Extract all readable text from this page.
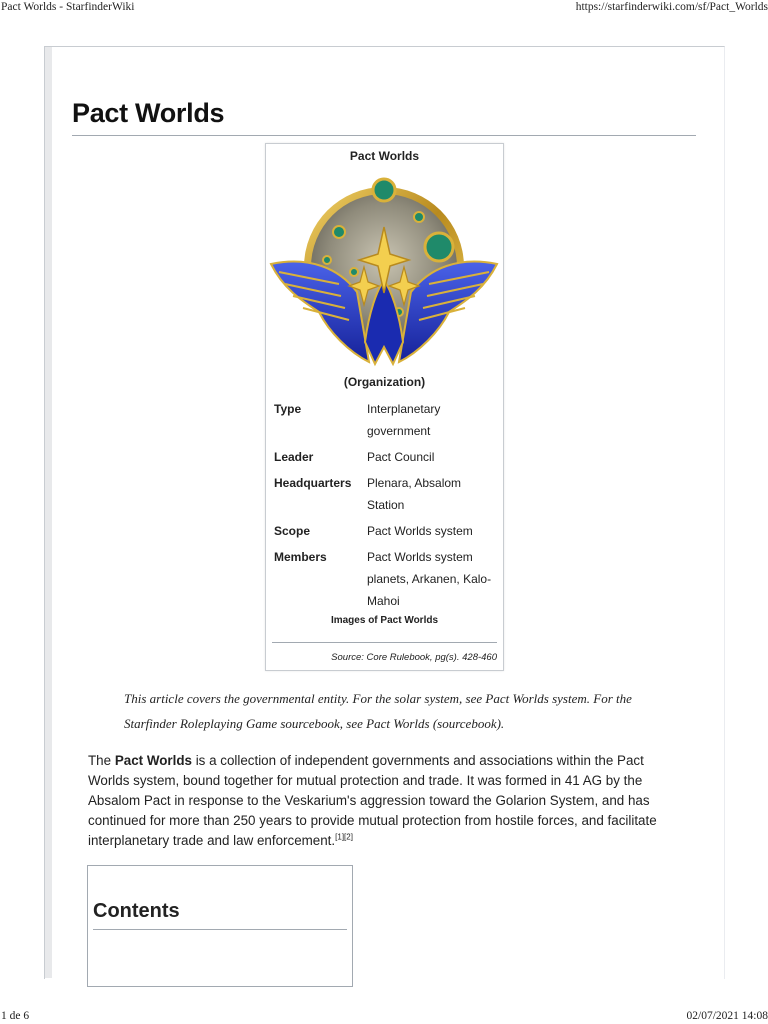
Pact Worlds - StarfinderWiki	https://starfinderwiki.com/sf/Pact_Worlds
Pact Worlds
Pact Worlds
(Organization)
Type	Interplanetary
government
Leader	Pact Council
Headquarters	Plenara, Absalom
Station
Scope	Pact Worlds system
Members	Pact Worlds system
planets, Arkanen, Kalo-
Mahoi
Images of Pact Worlds
Source: Core Rulebook, pg(s). 428-460
This article covers the governmental entity. For the solar system, see Pact Worlds system. For the
Starfinder Roleplaying Game sourcebook, see Pact Worlds (sourcebook).
The Pact Worlds is a collection of independent governments and associations within the Pact Worlds system, bound together for mutual protection and trade. It was formed in 41 AG by the Absalom Pact in response to the Veskarium's aggression toward the Golarion System, and has continued for more than 250 years to provide mutual protection from hostile forces, and facilitate interplanetary trade and law enforcement.[1][2]
Contents
1 de 6	02/07/2021 14:08
